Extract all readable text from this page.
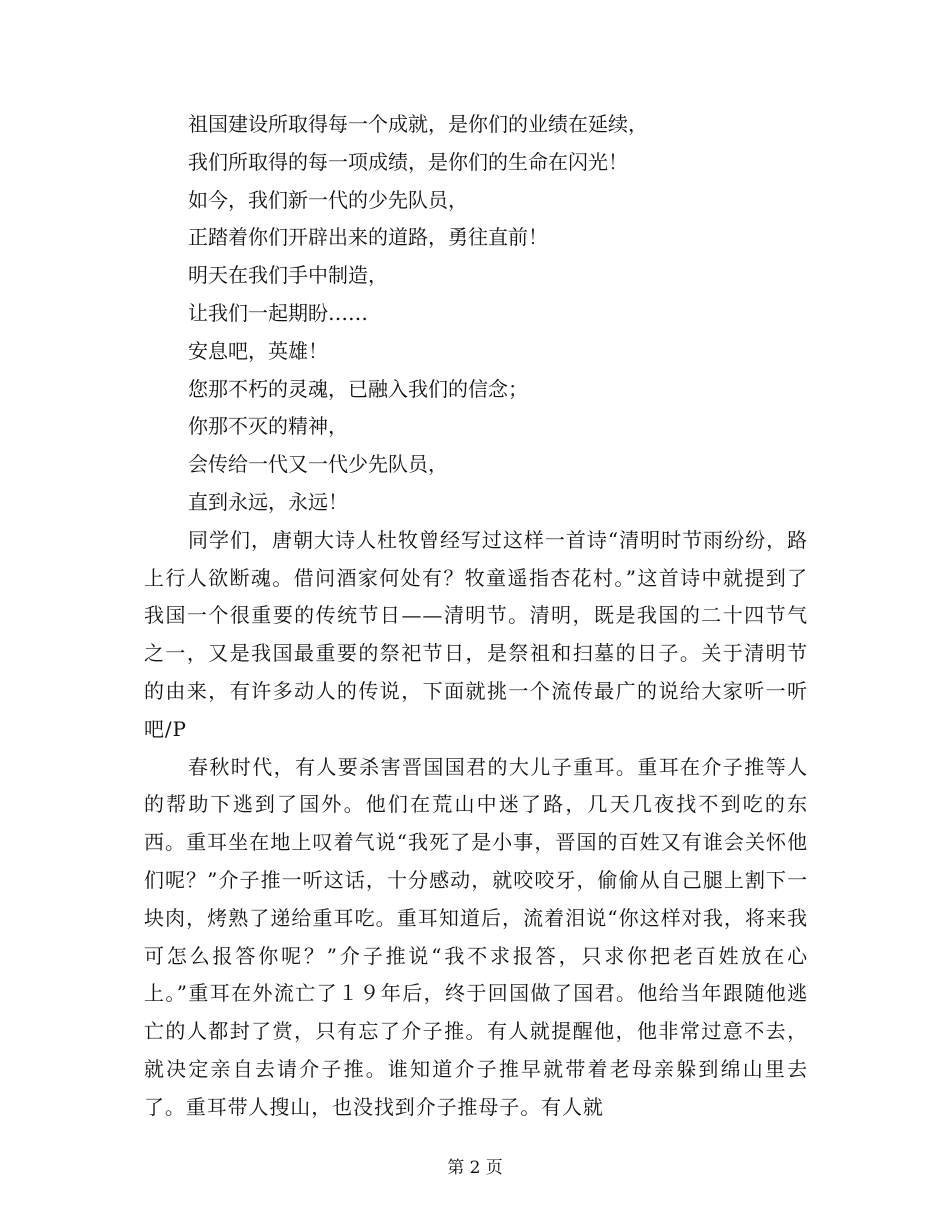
祖国建设所取得每一个成就，是你们的业绩在延续，
我们所取得的每一项成绩，是你们的生命在闪光！
如今，我们新一代的少先队员，
正踏着你们开辟出来的道路，勇往直前！
明天在我们手中制造，
让我们一起期盼……
安息吧，英雄！
您那不朽的灵魂，已融入我们的信念；
你那不灭的精神，
会传给一代又一代少先队员，
直到永远，永远！

同学们，唐朝大诗人杜牧曾经写过这样一首诗“清明时节雨纷纷，路上行人欲断魂。借问酒家何处有？牧童遥指杏花村。”这首诗中就提到了我国一个很重要的传统节日——清明节。清明，既是我国的二十四节气之一，又是我国最重要的祭祀节日，是祭祖和扫墓的日子。关于清明节的由来，有许多动人的传说，下面就挑一个流传最广的说给大家听一听吧/P

春秋时代，有人要杀害晋国国君的大儿子重耳。重耳在介子推等人的帮助下逃到了国外。他们在荒山中迷了路，几天几夜找不到吃的东西。重耳坐在地上叹着气说“我死了是小事，晋国的百姓又有谁会关怀他们呢？”介子推一听这话，十分感动，就咬咬牙，偷偷从自己腿上割下一块肉，烤熟了递给重耳吃。重耳知道后，流着泪说“你这样对我，将来我可怎么报答你呢？”介子推说“我不求报答，只求你把老百姓放在心上。”重耳在外流亡了１９年后，终于回国做了国君。他给当年跟随他逃亡的人都封了赏，只有忘了介子推。有人就提醒他，他非常过意不去，就决定亲自去请介子推。谁知道介子推早就带着老母亲躲到绵山里去了。重耳带人搜山，也没找到介子推母子。有人就

第 2 页
